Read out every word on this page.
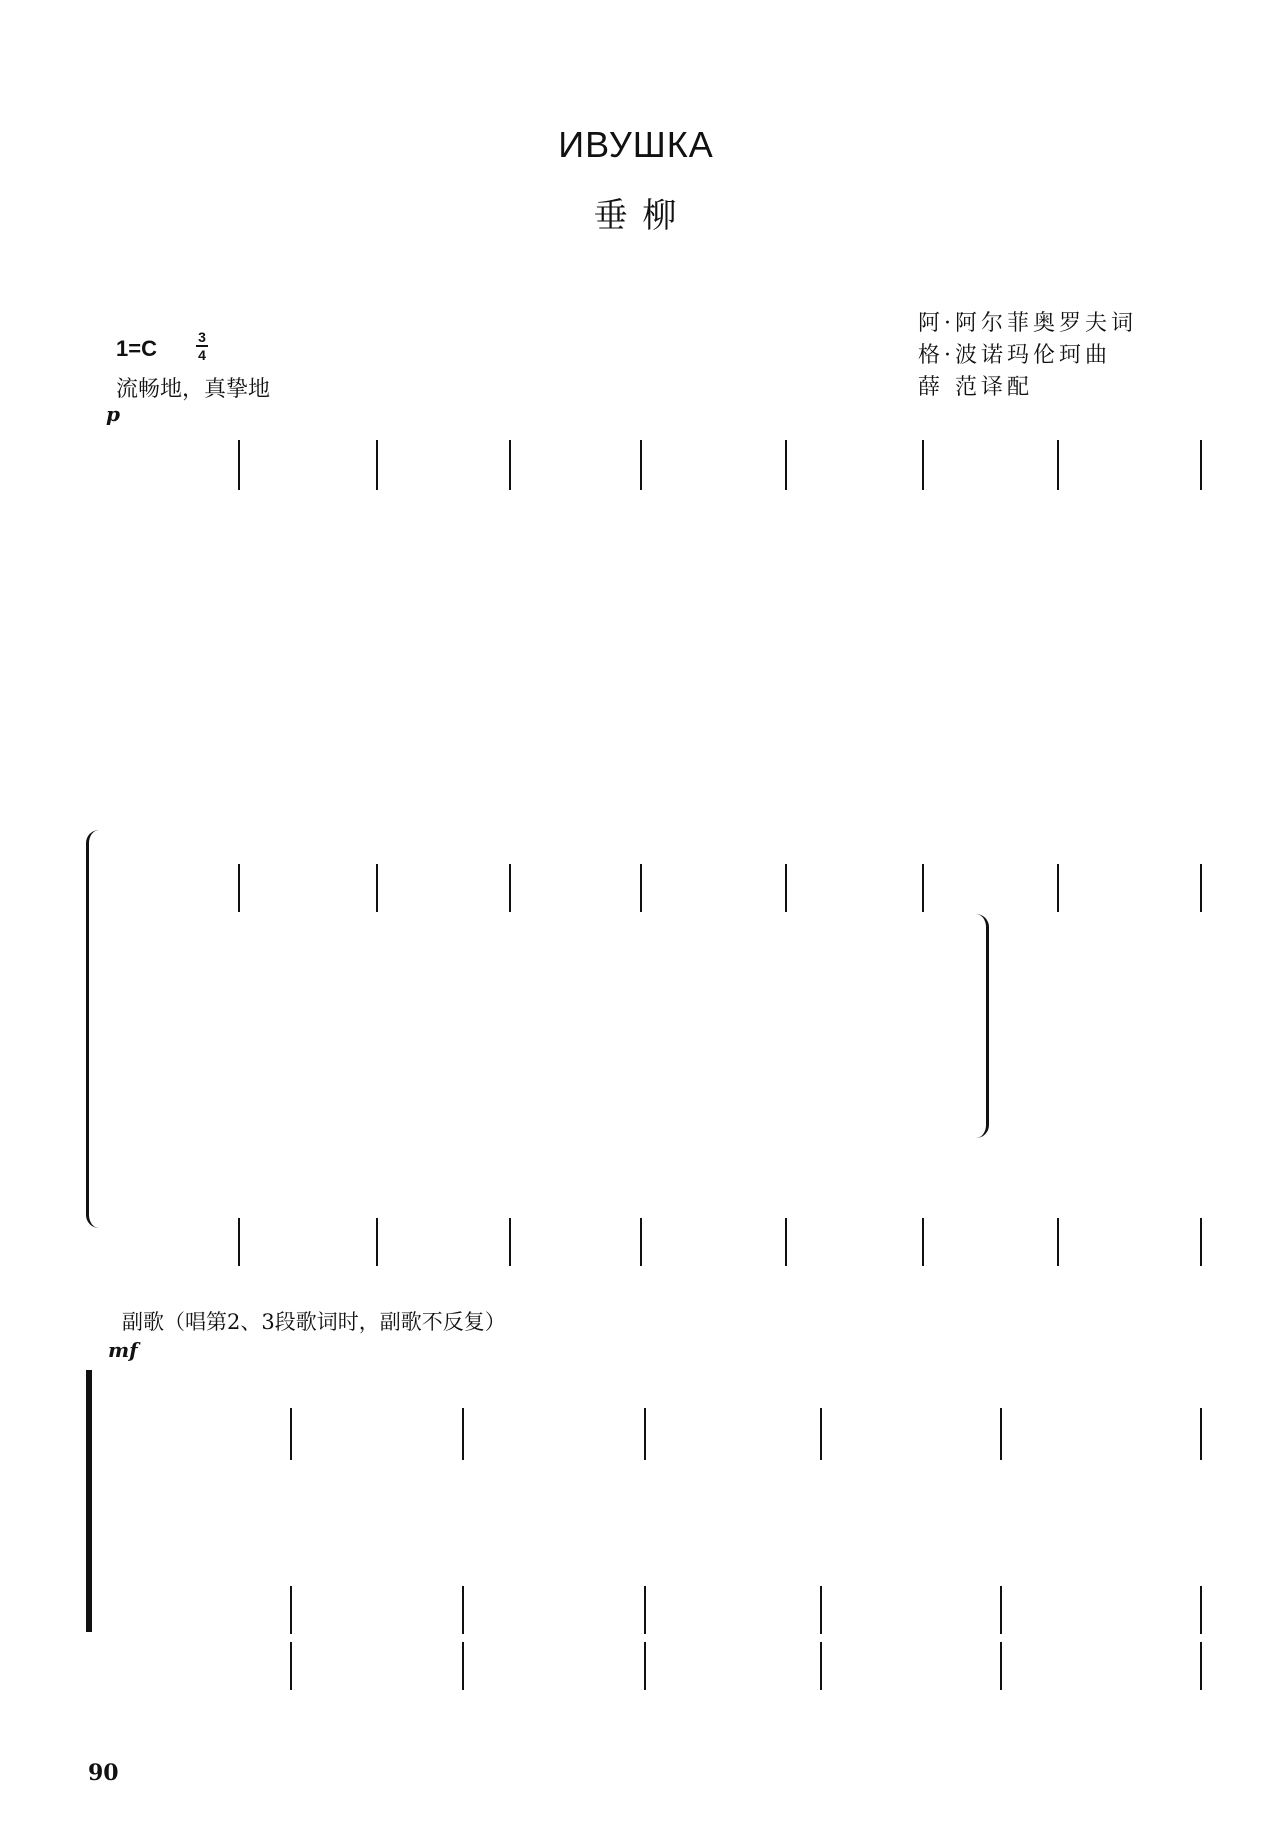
ИВУШКА
垂 柳
阿·阿尔菲奥罗夫词
格·波诺玛伦珂曲
薛 范译配
1=C	3
4
流畅地，真挚地
p
副歌（唱第2、3段歌词时，副歌不反复）
mf
90
